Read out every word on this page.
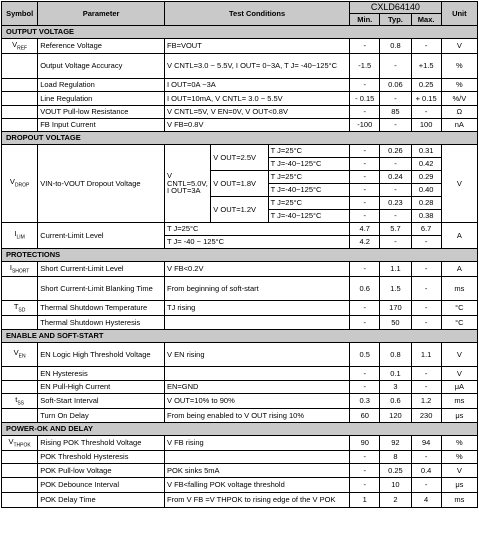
Symbol	Parameter	Test Conditions			CXLD64140			Unit
					Min.	Typ.	Max.	
OUTPUT VOLTAGE								
$V_{REF}$	Reference Voltage	FB=VOUT			-	0.8	-	V
	Output Voltage Accuracy	V CNTL=3.0 ~ 5.5V, I OUT= 0~3A, T J= -40~125°C			-1.5	-	+1.5	%
	Load Regulation	I OUT=0A ~3A			-	0.06	0.25	%
	Line Regulation	I OUT=10mA, V CNTL= 3.0 ~ 5.5V			- 0.15	-	+ 0.15	%/V
	VOUT Pull-low Resistance	V CNTL=5V, V EN=0V, V OUT<0.8V			-	85	-	Ω
	FB Input Current	V FB=0.8V			-100	-	100	nA
DROPOUT VOLTAGE								
$V_{DROP}$	VIN-to-VOUT Dropout Voltage	V CNTL=5.0V, I OUT=3A	V OUT=2.5V	T J=25°C	-	0.26	0.31	V
				T J=-40~125°C	-	-	0.42	
			V OUT=1.8V	T J=25°C	-	0.24	0.29	
				T J=-40~125°C	-	-	0.40	
			V OUT=1.2V	T J=25°C	-	0.23	0.28	
				T J=-40~125°C	-	-	0.38	
$I_{LIM}$	Current-Limit Level	T J=25°C			4.7	5.7	6.7	A
		T J= -40 ~ 125°C			4.2	-	-	
PROTECTIONS								
$I_{SHORT}$	Short Current-Limit Level	V FB<0.2V			-	1.1	-	A
	Short Current-Limit Blanking Time	From beginning of soft-start			0.6	1.5	-	ms
$T_{SD}$	Thermal Shutdown Temperature	TJ rising			-	170	-	°C
	Thermal Shutdown Hysteresis				-	50	-	°C
ENABLE AND SOFT-START								
$V_{EN}$	EN Logic High Threshold Voltage	V EN rising			0.5	0.8	1.1	V
	EN Hysteresis				-	0.1	-	V
	EN Pull-High Current	EN=GND			-	3	-	μA
$t_{SS}$	Soft-Start Interval	V OUT=10% to 90%			0.3	0.6	1.2	ms
	Turn On Delay	From being enabled to V OUT rising 10%			60	120	230	μs
POWER-OK AND DELAY								
$V_{THPOK}$	Rising POK Threshold Voltage	V FB rising			90	92	94	%
	POK Threshold Hysteresis				-	8	-	%
	POK Pull-low Voltage	POK sinks 5mA			-	0.25	0.4	V
	POK Debounce Interval	V FB<falling POK voltage threshold			-	10	-	μs
	POK Delay Time	From V FB =V THPOK to rising edge of the V POK			1	2	4	ms
